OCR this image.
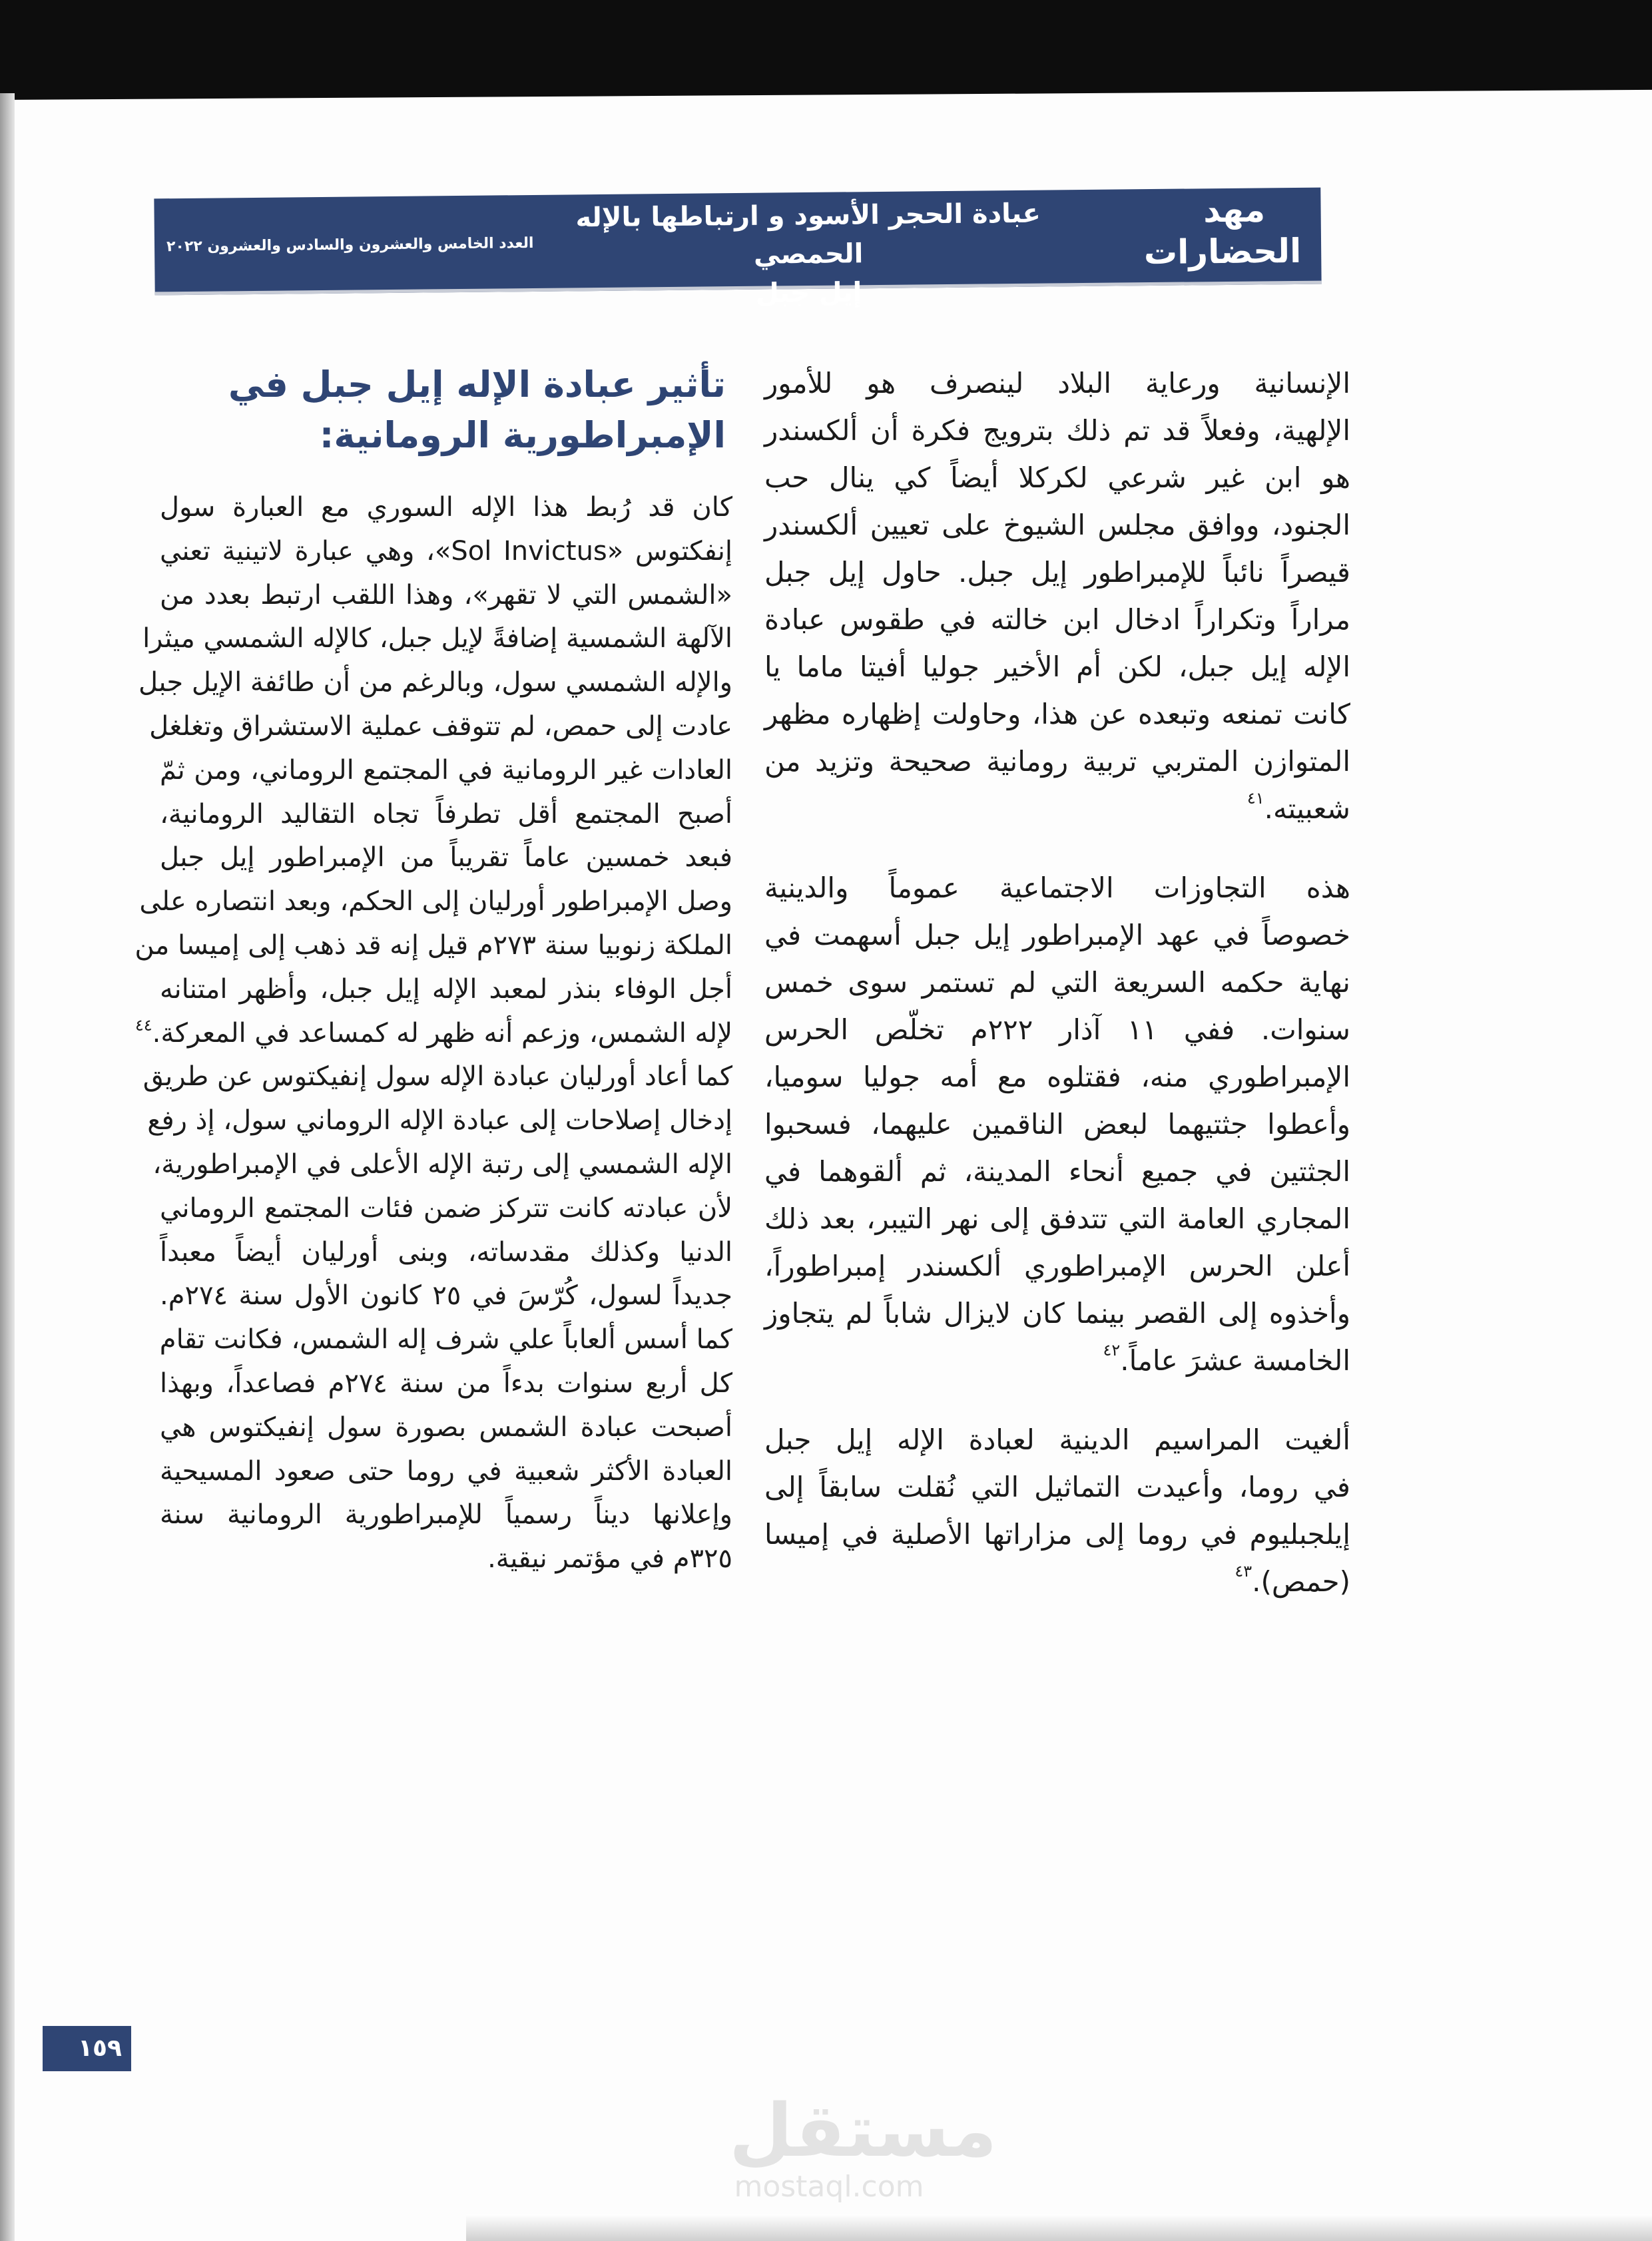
مهد
الحضارات
عبادة الحجر الأسود و ارتباطها بالإله الحمصي
إيل جبل
العدد الخامس والعشرون والسادس والعشرون ٢٠٢٢
الإنسانية ورعاية البلاد لينصرف هو للأمور
الإلهية، وفعلاً قد تم ذلك بترويج فكرة أن ألكسندر
هو ابن غير شرعي لكركلا أيضاً كي ينال حب
الجنود، ووافق مجلس الشيوخ على تعيين ألكسندر
قيصراً نائباً للإمبراطور إيل جبل. حاول إيل جبل
مراراً وتكراراً ادخال ابن خالته في طقوس عبادة
الإله إيل جبل، لكن أم الأخير جوليا أفيتا ماما يا
كانت تمنعه وتبعده عن هذا، وحاولت إظهاره مظهر
المتوازن المتربي تربية رومانية صحيحة وتزيد من
شعبيته.$^{٤١}$
هذه التجاوزات الاجتماعية عموماً والدينية
خصوصاً في عهد الإمبراطور إيل جبل أسهمت في
نهاية حكمه السريعة التي لم تستمر سوى خمس
سنوات. ففي ١١ آذار ٢٢٢م تخلّص الحرس
الإمبراطوري منه، فقتلوه مع أمه جوليا سوميا،
وأعطوا جثتيهما لبعض الناقمين عليهما، فسحبوا
الجثتين في جميع أنحاء المدينة، ثم ألقوهما في
المجاري العامة التي تتدفق إلى نهر التيبر، بعد ذلك
أعلن الحرس الإمبراطوري ألكسندر إمبراطوراً،
وأخذوه إلى القصر بينما كان لايزال شاباً لم يتجاوز
الخامسة عشرَ عاماً.$^{٤٢}$
ألغيت المراسيم الدينية لعبادة الإله إيل جبل
في روما، وأعيدت التماثيل التي نُقلت سابقاً إلى
إيلجبليوم في روما إلى مزاراتها الأصلية في إميسا
(حمص).$^{٤٣}$
تأثير عبادة الإله إيل جبل في
الإمبراطورية الرومانية:
كان قد رُبط هذا الإله السوري مع العبارة سول
إنفكتوس «Sol Invictus»، وهي عبارة لاتينية تعني
«الشمس التي لا تقهر»، وهذا اللقب ارتبط بعدد من
الآلهة الشمسية إضافةً لإيل جبل، كالإله الشمسي ميثرا
والإله الشمسي سول، وبالرغم من أن طائفة الإيل جبل
عادت إلى حمص، لم تتوقف عملية الاستشراق وتغلغل
العادات غير الرومانية في المجتمع الروماني، ومن ثمّ
أصبح المجتمع أقل تطرفاً تجاه التقاليد الرومانية،
فبعد خمسين عاماً تقريباً من الإمبراطور إيل جبل
وصل الإمبراطور أورليان إلى الحكم، وبعد انتصاره على
الملكة زنوبيا سنة ٢٧٣م قيل إنه قد ذهب إلى إميسا من
أجل الوفاء بنذر لمعبد الإله إيل جبل، وأظهر امتنانه
لإله الشمس، وزعم أنه ظهر له كمساعد في المعركة.$^{٤٤}$
كما أعاد أورليان عبادة الإله سول إنفيكتوس عن طريق
إدخال إصلاحات إلى عبادة الإله الروماني سول، إذ رفع
الإله الشمسي إلى رتبة الإله الأعلى في الإمبراطورية،
لأن عبادته كانت تتركز ضمن فئات المجتمع الروماني
الدنيا وكذلك مقدساته، وبنى أورليان أيضاً معبداً
جديداً لسول، كُرّسَ في ٢٥ كانون الأول سنة ٢٧٤م.
كما أسس ألعاباً علي شرف إله الشمس، فكانت تقام
كل أربع سنوات بدءاً من سنة ٢٧٤م فصاعداً، وبهذا
أصبحت عبادة الشمس بصورة سول إنفيكتوس هي
العبادة الأكثر شعبية في روما حتى صعود المسيحية
وإعلانها ديناً رسمياً للإمبراطورية الرومانية سنة
٣٢٥م في مؤتمر نيقية.
١٥٩
مستقل
mostaql.com
